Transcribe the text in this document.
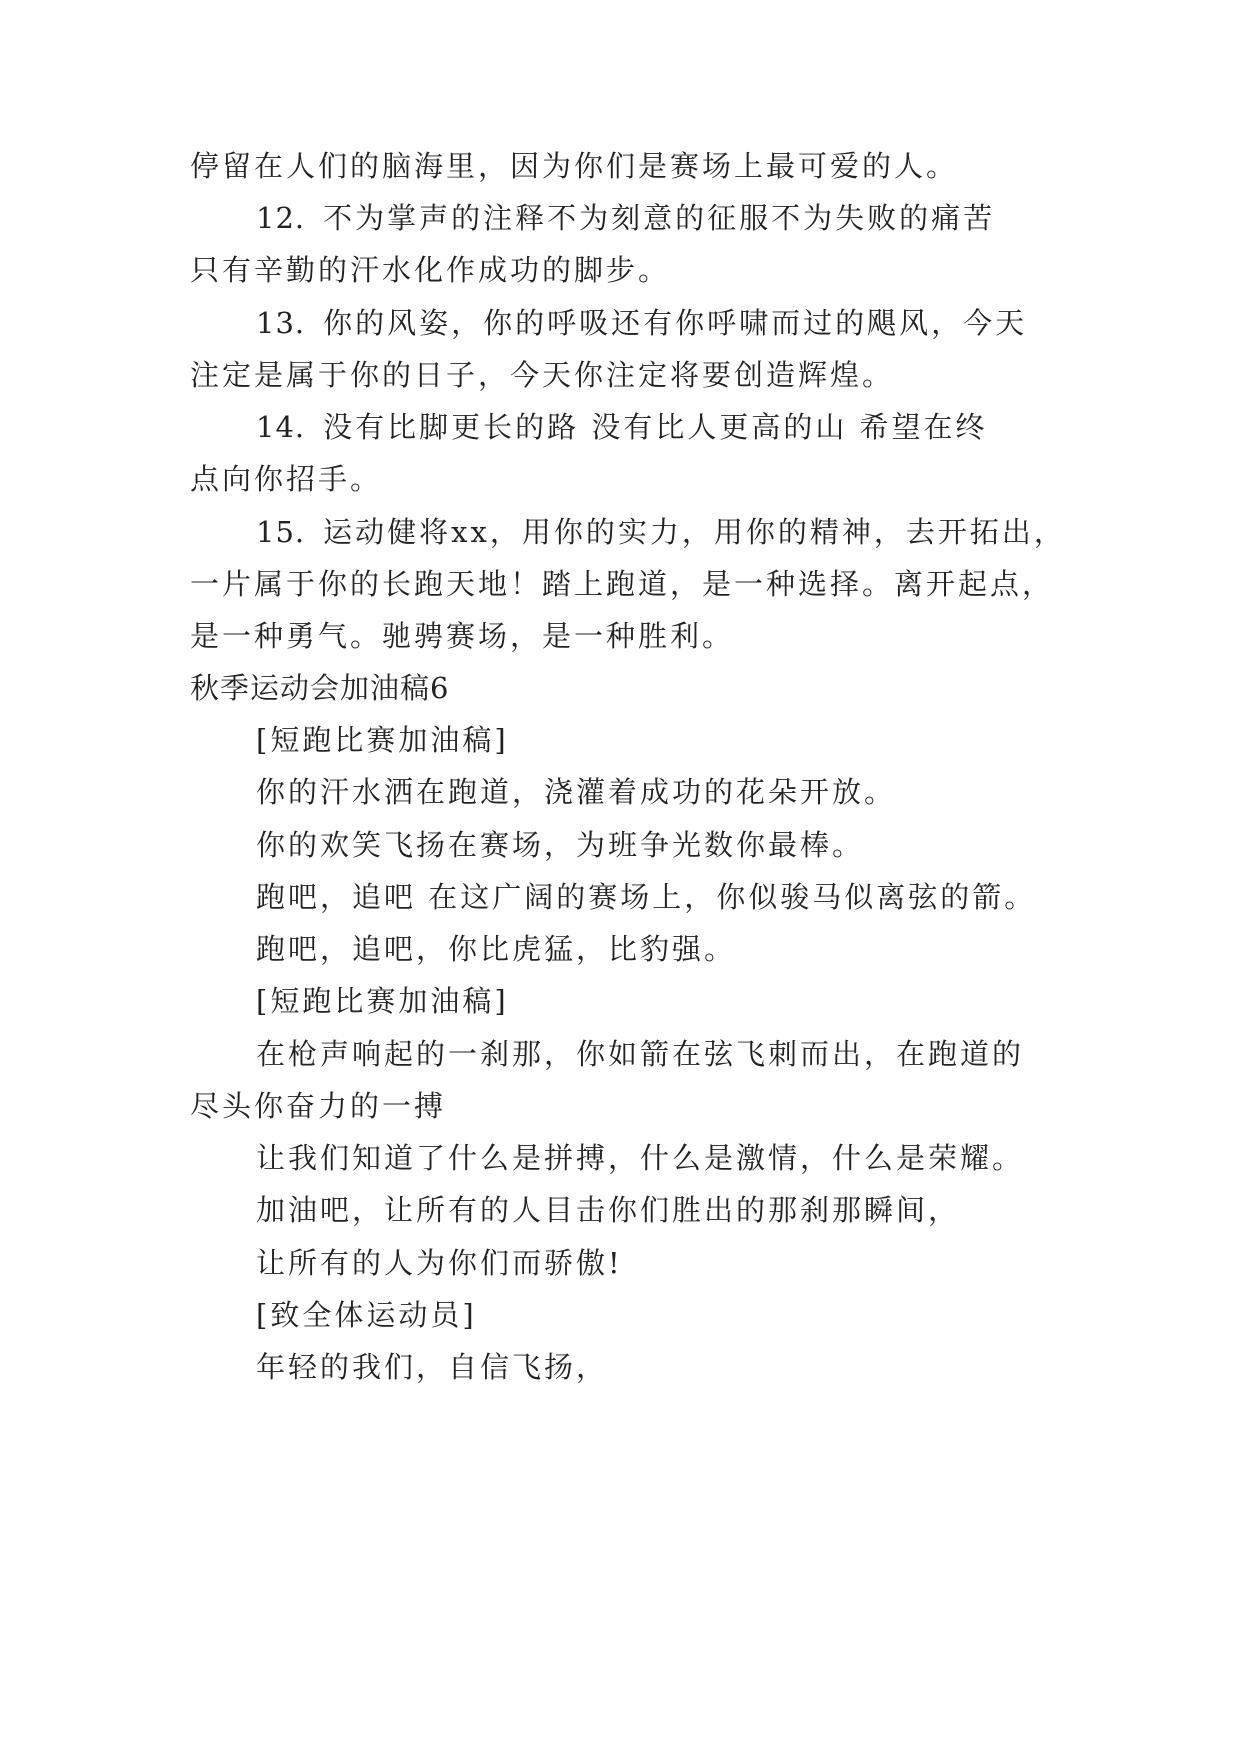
停留在人们的脑海里，因为你们是赛场上最可爱的人。
12. 不为掌声的注释不为刻意的征服不为失败的痛苦
只有辛勤的汗水化作成功的脚步。
13. 你的风姿，你的呼吸还有你呼啸而过的飓风，今天
注定是属于你的日子，今天你注定将要创造辉煌。
14. 没有比脚更长的路 没有比人更高的山 希望在终
点向你招手。
15. 运动健将xx，用你的实力，用你的精神，去开拓出，
一片属于你的长跑天地！踏上跑道，是一种选择。离开起点，
是一种勇气。驰骋赛场，是一种胜利。
秋季运动会加油稿6
[短跑比赛加油稿]
你的汗水洒在跑道，浇灌着成功的花朵开放。
你的欢笑飞扬在赛场，为班争光数你最棒。
跑吧，追吧 在这广阔的赛场上，你似骏马似离弦的箭。
跑吧，追吧，你比虎猛，比豹强。
[短跑比赛加油稿]
在枪声响起的一刹那，你如箭在弦飞刺而出，在跑道的
尽头你奋力的一搏
让我们知道了什么是拼搏，什么是激情，什么是荣耀。
加油吧，让所有的人目击你们胜出的那刹那瞬间，
让所有的人为你们而骄傲!
[致全体运动员]
年轻的我们，自信飞扬，
